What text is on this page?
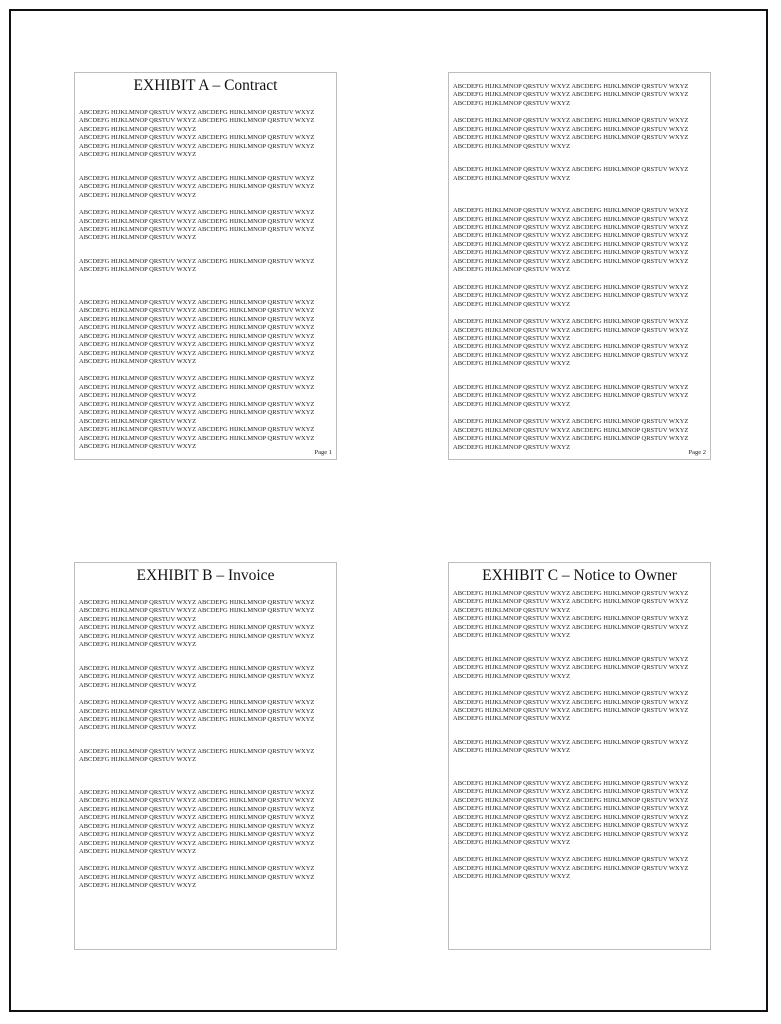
EXHIBIT A – Contract
ABCDEFG HIJKLMNOP QRSTUV WXYZ ABCDEFG HIJKLMNOP QRSTUV WXYZ
ABCDEFG HIJKLMNOP QRSTUV WXYZ ABCDEFG HIJKLMNOP QRSTUV WXYZ
ABCDEFG HIJKLMNOP QRSTUV WXYZ
ABCDEFG HIJKLMNOP QRSTUV WXYZ ABCDEFG HIJKLMNOP QRSTUV WXYZ
ABCDEFG HIJKLMNOP QRSTUV WXYZ ABCDEFG HIJKLMNOP QRSTUV WXYZ
ABCDEFG HIJKLMNOP QRSTUV WXYZ
ABCDEFG HIJKLMNOP QRSTUV WXYZ ABCDEFG HIJKLMNOP QRSTUV WXYZ
ABCDEFG HIJKLMNOP QRSTUV WXYZ ABCDEFG HIJKLMNOP QRSTUV WXYZ
ABCDEFG HIJKLMNOP QRSTUV WXYZ
ABCDEFG HIJKLMNOP QRSTUV WXYZ ABCDEFG HIJKLMNOP QRSTUV WXYZ
ABCDEFG HIJKLMNOP QRSTUV WXYZ ABCDEFG HIJKLMNOP QRSTUV WXYZ
ABCDEFG HIJKLMNOP QRSTUV WXYZ ABCDEFG HIJKLMNOP QRSTUV WXYZ
ABCDEFG HIJKLMNOP QRSTUV WXYZ
ABCDEFG HIJKLMNOP QRSTUV WXYZ ABCDEFG HIJKLMNOP QRSTUV WXYZ
ABCDEFG HIJKLMNOP QRSTUV WXYZ
ABCDEFG HIJKLMNOP QRSTUV WXYZ ABCDEFG HIJKLMNOP QRSTUV WXYZ
ABCDEFG HIJKLMNOP QRSTUV WXYZ ABCDEFG HIJKLMNOP QRSTUV WXYZ
ABCDEFG HIJKLMNOP QRSTUV WXYZ ABCDEFG HIJKLMNOP QRSTUV WXYZ
ABCDEFG HIJKLMNOP QRSTUV WXYZ ABCDEFG HIJKLMNOP QRSTUV WXYZ
ABCDEFG HIJKLMNOP QRSTUV WXYZ ABCDEFG HIJKLMNOP QRSTUV WXYZ
ABCDEFG HIJKLMNOP QRSTUV WXYZ ABCDEFG HIJKLMNOP QRSTUV WXYZ
ABCDEFG HIJKLMNOP QRSTUV WXYZ ABCDEFG HIJKLMNOP QRSTUV WXYZ
ABCDEFG HIJKLMNOP QRSTUV WXYZ
ABCDEFG HIJKLMNOP QRSTUV WXYZ ABCDEFG HIJKLMNOP QRSTUV WXYZ
ABCDEFG HIJKLMNOP QRSTUV WXYZ ABCDEFG HIJKLMNOP QRSTUV WXYZ
ABCDEFG HIJKLMNOP QRSTUV WXYZ
ABCDEFG HIJKLMNOP QRSTUV WXYZ ABCDEFG HIJKLMNOP QRSTUV WXYZ
ABCDEFG HIJKLMNOP QRSTUV WXYZ ABCDEFG HIJKLMNOP QRSTUV WXYZ
ABCDEFG HIJKLMNOP QRSTUV WXYZ
ABCDEFG HIJKLMNOP QRSTUV WXYZ ABCDEFG HIJKLMNOP QRSTUV WXYZ
ABCDEFG HIJKLMNOP QRSTUV WXYZ ABCDEFG HIJKLMNOP QRSTUV WXYZ
ABCDEFG HIJKLMNOP QRSTUV WXYZ
Page 1
ABCDEFG HIJKLMNOP QRSTUV WXYZ ABCDEFG HIJKLMNOP QRSTUV WXYZ
ABCDEFG HIJKLMNOP QRSTUV WXYZ ABCDEFG HIJKLMNOP QRSTUV WXYZ
ABCDEFG HIJKLMNOP QRSTUV WXYZ
ABCDEFG HIJKLMNOP QRSTUV WXYZ ABCDEFG HIJKLMNOP QRSTUV WXYZ
ABCDEFG HIJKLMNOP QRSTUV WXYZ ABCDEFG HIJKLMNOP QRSTUV WXYZ
ABCDEFG HIJKLMNOP QRSTUV WXYZ ABCDEFG HIJKLMNOP QRSTUV WXYZ
ABCDEFG HIJKLMNOP QRSTUV WXYZ
ABCDEFG HIJKLMNOP QRSTUV WXYZ ABCDEFG HIJKLMNOP QRSTUV WXYZ
ABCDEFG HIJKLMNOP QRSTUV WXYZ
ABCDEFG HIJKLMNOP QRSTUV WXYZ ABCDEFG HIJKLMNOP QRSTUV WXYZ
ABCDEFG HIJKLMNOP QRSTUV WXYZ ABCDEFG HIJKLMNOP QRSTUV WXYZ
ABCDEFG HIJKLMNOP QRSTUV WXYZ ABCDEFG HIJKLMNOP QRSTUV WXYZ
ABCDEFG HIJKLMNOP QRSTUV WXYZ ABCDEFG HIJKLMNOP QRSTUV WXYZ
ABCDEFG HIJKLMNOP QRSTUV WXYZ ABCDEFG HIJKLMNOP QRSTUV WXYZ
ABCDEFG HIJKLMNOP QRSTUV WXYZ ABCDEFG HIJKLMNOP QRSTUV WXYZ
ABCDEFG HIJKLMNOP QRSTUV WXYZ ABCDEFG HIJKLMNOP QRSTUV WXYZ
ABCDEFG HIJKLMNOP QRSTUV WXYZ
ABCDEFG HIJKLMNOP QRSTUV WXYZ ABCDEFG HIJKLMNOP QRSTUV WXYZ
ABCDEFG HIJKLMNOP QRSTUV WXYZ ABCDEFG HIJKLMNOP QRSTUV WXYZ
ABCDEFG HIJKLMNOP QRSTUV WXYZ
ABCDEFG HIJKLMNOP QRSTUV WXYZ ABCDEFG HIJKLMNOP QRSTUV WXYZ
ABCDEFG HIJKLMNOP QRSTUV WXYZ ABCDEFG HIJKLMNOP QRSTUV WXYZ
ABCDEFG HIJKLMNOP QRSTUV WXYZ
ABCDEFG HIJKLMNOP QRSTUV WXYZ ABCDEFG HIJKLMNOP QRSTUV WXYZ
ABCDEFG HIJKLMNOP QRSTUV WXYZ ABCDEFG HIJKLMNOP QRSTUV WXYZ
ABCDEFG HIJKLMNOP QRSTUV WXYZ
ABCDEFG HIJKLMNOP QRSTUV WXYZ ABCDEFG HIJKLMNOP QRSTUV WXYZ
ABCDEFG HIJKLMNOP QRSTUV WXYZ ABCDEFG HIJKLMNOP QRSTUV WXYZ
ABCDEFG HIJKLMNOP QRSTUV WXYZ
ABCDEFG HIJKLMNOP QRSTUV WXYZ ABCDEFG HIJKLMNOP QRSTUV WXYZ
ABCDEFG HIJKLMNOP QRSTUV WXYZ ABCDEFG HIJKLMNOP QRSTUV WXYZ
ABCDEFG HIJKLMNOP QRSTUV WXYZ ABCDEFG HIJKLMNOP QRSTUV WXYZ
ABCDEFG HIJKLMNOP QRSTUV WXYZ
Page 2
EXHIBIT B – Invoice
ABCDEFG HIJKLMNOP QRSTUV WXYZ ABCDEFG HIJKLMNOP QRSTUV WXYZ
ABCDEFG HIJKLMNOP QRSTUV WXYZ ABCDEFG HIJKLMNOP QRSTUV WXYZ
ABCDEFG HIJKLMNOP QRSTUV WXYZ
ABCDEFG HIJKLMNOP QRSTUV WXYZ ABCDEFG HIJKLMNOP QRSTUV WXYZ
ABCDEFG HIJKLMNOP QRSTUV WXYZ ABCDEFG HIJKLMNOP QRSTUV WXYZ
ABCDEFG HIJKLMNOP QRSTUV WXYZ
ABCDEFG HIJKLMNOP QRSTUV WXYZ ABCDEFG HIJKLMNOP QRSTUV WXYZ
ABCDEFG HIJKLMNOP QRSTUV WXYZ ABCDEFG HIJKLMNOP QRSTUV WXYZ
ABCDEFG HIJKLMNOP QRSTUV WXYZ
ABCDEFG HIJKLMNOP QRSTUV WXYZ ABCDEFG HIJKLMNOP QRSTUV WXYZ
ABCDEFG HIJKLMNOP QRSTUV WXYZ ABCDEFG HIJKLMNOP QRSTUV WXYZ
ABCDEFG HIJKLMNOP QRSTUV WXYZ ABCDEFG HIJKLMNOP QRSTUV WXYZ
ABCDEFG HIJKLMNOP QRSTUV WXYZ
ABCDEFG HIJKLMNOP QRSTUV WXYZ ABCDEFG HIJKLMNOP QRSTUV WXYZ
ABCDEFG HIJKLMNOP QRSTUV WXYZ
ABCDEFG HIJKLMNOP QRSTUV WXYZ ABCDEFG HIJKLMNOP QRSTUV WXYZ
ABCDEFG HIJKLMNOP QRSTUV WXYZ ABCDEFG HIJKLMNOP QRSTUV WXYZ
ABCDEFG HIJKLMNOP QRSTUV WXYZ ABCDEFG HIJKLMNOP QRSTUV WXYZ
ABCDEFG HIJKLMNOP QRSTUV WXYZ ABCDEFG HIJKLMNOP QRSTUV WXYZ
ABCDEFG HIJKLMNOP QRSTUV WXYZ ABCDEFG HIJKLMNOP QRSTUV WXYZ
ABCDEFG HIJKLMNOP QRSTUV WXYZ ABCDEFG HIJKLMNOP QRSTUV WXYZ
ABCDEFG HIJKLMNOP QRSTUV WXYZ ABCDEFG HIJKLMNOP QRSTUV WXYZ
ABCDEFG HIJKLMNOP QRSTUV WXYZ
ABCDEFG HIJKLMNOP QRSTUV WXYZ ABCDEFG HIJKLMNOP QRSTUV WXYZ
ABCDEFG HIJKLMNOP QRSTUV WXYZ ABCDEFG HIJKLMNOP QRSTUV WXYZ
ABCDEFG HIJKLMNOP QRSTUV WXYZ
EXHIBIT C – Notice to Owner
ABCDEFG HIJKLMNOP QRSTUV WXYZ ABCDEFG HIJKLMNOP QRSTUV WXYZ
ABCDEFG HIJKLMNOP QRSTUV WXYZ ABCDEFG HIJKLMNOP QRSTUV WXYZ
ABCDEFG HIJKLMNOP QRSTUV WXYZ
ABCDEFG HIJKLMNOP QRSTUV WXYZ ABCDEFG HIJKLMNOP QRSTUV WXYZ
ABCDEFG HIJKLMNOP QRSTUV WXYZ ABCDEFG HIJKLMNOP QRSTUV WXYZ
ABCDEFG HIJKLMNOP QRSTUV WXYZ
ABCDEFG HIJKLMNOP QRSTUV WXYZ ABCDEFG HIJKLMNOP QRSTUV WXYZ
ABCDEFG HIJKLMNOP QRSTUV WXYZ ABCDEFG HIJKLMNOP QRSTUV WXYZ
ABCDEFG HIJKLMNOP QRSTUV WXYZ
ABCDEFG HIJKLMNOP QRSTUV WXYZ ABCDEFG HIJKLMNOP QRSTUV WXYZ
ABCDEFG HIJKLMNOP QRSTUV WXYZ ABCDEFG HIJKLMNOP QRSTUV WXYZ
ABCDEFG HIJKLMNOP QRSTUV WXYZ ABCDEFG HIJKLMNOP QRSTUV WXYZ
ABCDEFG HIJKLMNOP QRSTUV WXYZ
ABCDEFG HIJKLMNOP QRSTUV WXYZ ABCDEFG HIJKLMNOP QRSTUV WXYZ
ABCDEFG HIJKLMNOP QRSTUV WXYZ
ABCDEFG HIJKLMNOP QRSTUV WXYZ ABCDEFG HIJKLMNOP QRSTUV WXYZ
ABCDEFG HIJKLMNOP QRSTUV WXYZ ABCDEFG HIJKLMNOP QRSTUV WXYZ
ABCDEFG HIJKLMNOP QRSTUV WXYZ ABCDEFG HIJKLMNOP QRSTUV WXYZ
ABCDEFG HIJKLMNOP QRSTUV WXYZ ABCDEFG HIJKLMNOP QRSTUV WXYZ
ABCDEFG HIJKLMNOP QRSTUV WXYZ ABCDEFG HIJKLMNOP QRSTUV WXYZ
ABCDEFG HIJKLMNOP QRSTUV WXYZ ABCDEFG HIJKLMNOP QRSTUV WXYZ
ABCDEFG HIJKLMNOP QRSTUV WXYZ ABCDEFG HIJKLMNOP QRSTUV WXYZ
ABCDEFG HIJKLMNOP QRSTUV WXYZ
ABCDEFG HIJKLMNOP QRSTUV WXYZ ABCDEFG HIJKLMNOP QRSTUV WXYZ
ABCDEFG HIJKLMNOP QRSTUV WXYZ ABCDEFG HIJKLMNOP QRSTUV WXYZ
ABCDEFG HIJKLMNOP QRSTUV WXYZ
